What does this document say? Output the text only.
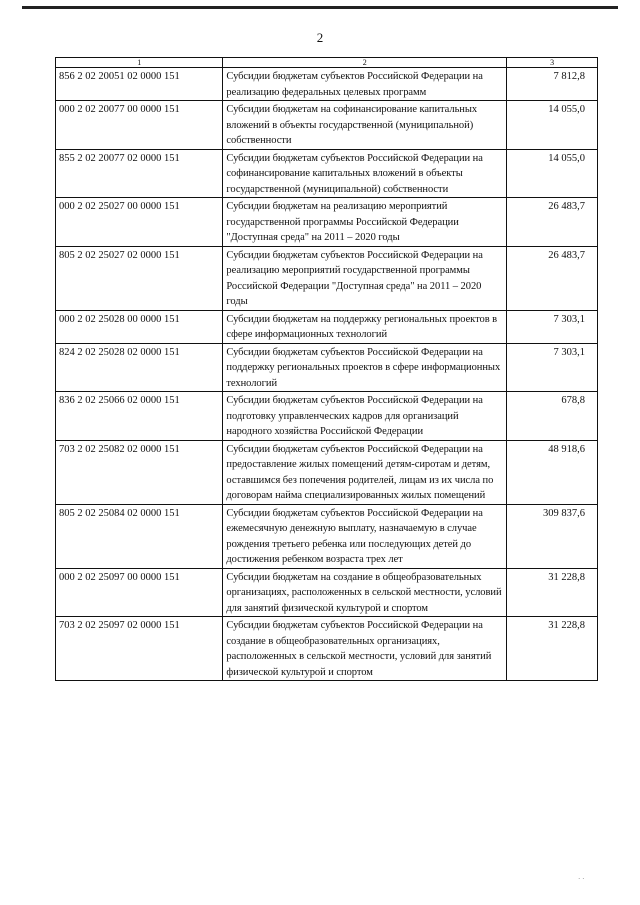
2
1	2	3
856 2 02 20051 02 0000 151	Субсидии бюджетам субъектов Российской Федерации на реализацию федеральных целевых программ	7 812,8
000 2 02 20077 00 0000 151	Субсидии бюджетам на софинансирование капитальных вложений в объекты государственной (муниципальной) собственности	14 055,0
855 2 02 20077 02 0000 151	Субсидии бюджетам субъектов Российской Федерации на софинансирование капитальных вложений в объекты государственной (муниципальной) собственности	14 055,0
000 2 02 25027 00 0000 151	Субсидии бюджетам на реализацию мероприятий государственной программы Российской Федерации "Доступная среда" на 2011 – 2020 годы	26 483,7
805 2 02 25027 02 0000 151	Субсидии бюджетам субъектов Российской Федерации на реализацию мероприятий государственной программы Российской Федерации "Доступная среда" на 2011 – 2020 годы	26 483,7
000 2 02 25028 00 0000 151	Субсидии бюджетам на поддержку региональных проектов в сфере информационных технологий	7 303,1
824 2 02 25028 02 0000 151	Субсидии бюджетам субъектов Российской Федерации на поддержку региональных проектов в сфере информационных технологий	7 303,1
836 2 02 25066 02 0000 151	Субсидии бюджетам субъектов Российской Федерации на подготовку управленческих кадров для организаций народного хозяйства Российской Федерации	678,8
703 2 02 25082 02 0000 151	Субсидии бюджетам субъектов Российской Федерации на предоставление жилых помещений детям-сиротам и детям, оставшимся без попечения родителей, лицам из их числа по договорам найма специализированных жилых помещений	48 918,6
805 2 02 25084 02 0000 151	Субсидии бюджетам субъектов Российской Федерации на ежемесячную денежную выплату, назначаемую в случае рождения третьего ребенка или последующих детей до достижения ребенком возраста трех лет	309 837,6
000 2 02 25097 00 0000 151	Субсидии бюджетам на создание в общеобразовательных организациях, расположенных в сельской местности, условий для занятий физической культурой и спортом	31 228,8
703 2 02 25097 02 0000 151	Субсидии бюджетам субъектов Российской Федерации на создание в общеобразовательных организациях, расположенных в сельской местности, условий для занятий физической культурой и спортом	31 228,8
· ·
